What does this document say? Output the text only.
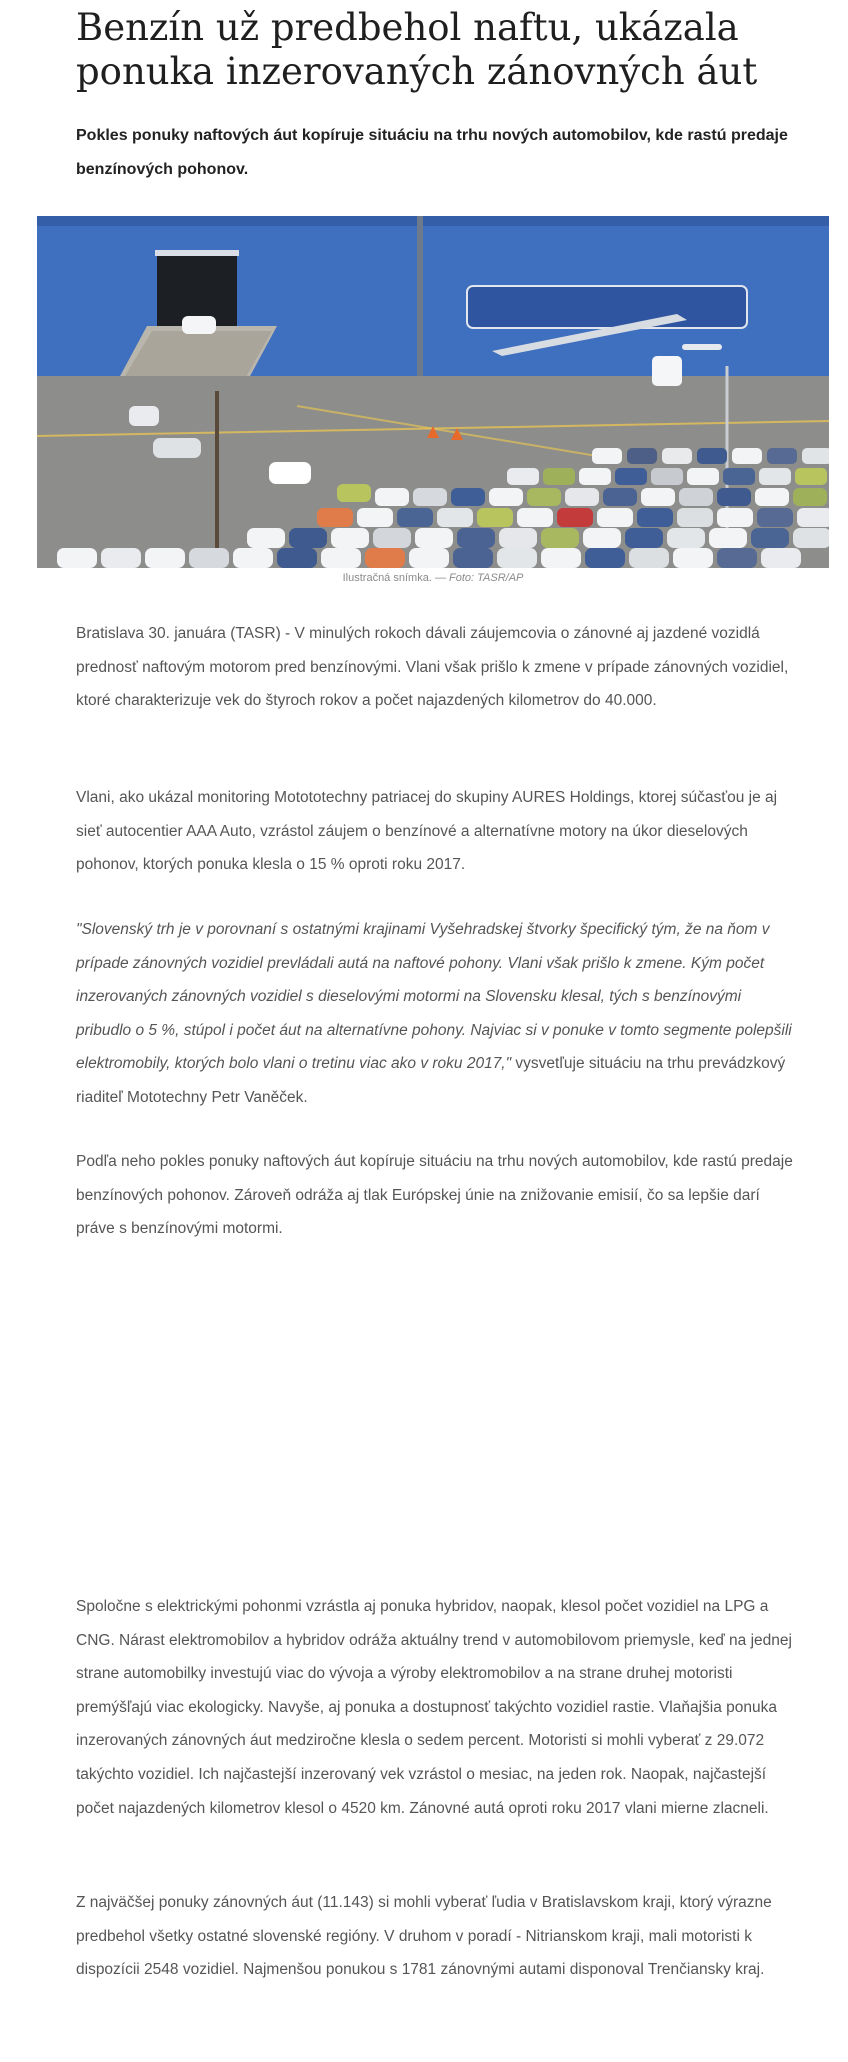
Benzín už predbehol naftu, ukázala ponuka inzerovaných zánovných áut

Pokles ponuky naftových áut kopíruje situáciu na trhu nových automobilov, kde rastú predaje benzínových pohonov.

Ilustračná snímka. — Foto: TASR/AP

Bratislava 30. januára (TASR) - V minulých rokoch dávali záujemcovia o zánovné aj jazdené vozidlá prednosť naftovým motorom pred benzínovými. Vlani však prišlo k zmene v prípade zánovných vozidiel, ktoré charakterizuje vek do štyroch rokov a počet najazdených kilometrov do 40.000.

Vlani, ako ukázal monitoring Motototechny patriacej do skupiny AURES Holdings, ktorej súčasťou je aj sieť autocentier AAA Auto, vzrástol záujem o benzínové a alternatívne motory na úkor dieselových pohonov, ktorých ponuka klesla o 15 % oproti roku 2017.

"Slovenský trh je v porovnaní s ostatnými krajinami Vyšehradskej štvorky špecifický tým, že na ňom v prípade zánovných vozidiel prevládali autá na naftové pohony. Vlani však prišlo k zmene. Kým počet inzerovaných zánovných vozidiel s dieselovými motormi na Slovensku klesal, tých s benzínovými pribudlo o 5 %, stúpol i počet áut na alternatívne pohony. Najviac si v ponuke v tomto segmente polepšili elektromobily, ktorých bolo vlani o tretinu viac ako v roku 2017," vysvetľuje situáciu na trhu prevádzkový riaditeľ Mototechny Petr Vaněček.

Podľa neho pokles ponuky naftových áut kopíruje situáciu na trhu nových automobilov, kde rastú predaje benzínových pohonov. Zároveň odráža aj tlak Európskej únie na znižovanie emisií, čo sa lepšie darí práve s benzínovými motormi.

Spoločne s elektrickými pohonmi vzrástla aj ponuka hybridov, naopak, klesol počet vozidiel na LPG a CNG. Nárast elektromobilov a hybridov odráža aktuálny trend v automobilovom priemysle, keď na jednej strane automobilky investujú viac do vývoja a výroby elektromobilov a na strane druhej motoristi premýšľajú viac ekologicky. Navyše, aj ponuka a dostupnosť takýchto vozidiel rastie. Vlaňajšia ponuka inzerovaných zánovných áut medziročne klesla o sedem percent. Motoristi si mohli vyberať z 29.072 takýchto vozidiel. Ich najčastejší inzerovaný vek vzrástol o mesiac, na jeden rok. Naopak, najčastejší počet najazdených kilometrov klesol o 4520 km. Zánovné autá oproti roku 2017 vlani mierne zlacneli.

Z najväčšej ponuky zánovných áut (11.143) si mohli vyberať ľudia v Bratislavskom kraji, ktorý výrazne predbehol všetky ostatné slovenské regióny. V druhom v poradí - Nitrianskom kraji, mali motoristi k dispozícii 2548 vozidiel. Najmenšou ponukou s 1781 zánovnými autami disponoval Trenčiansky kraj.
